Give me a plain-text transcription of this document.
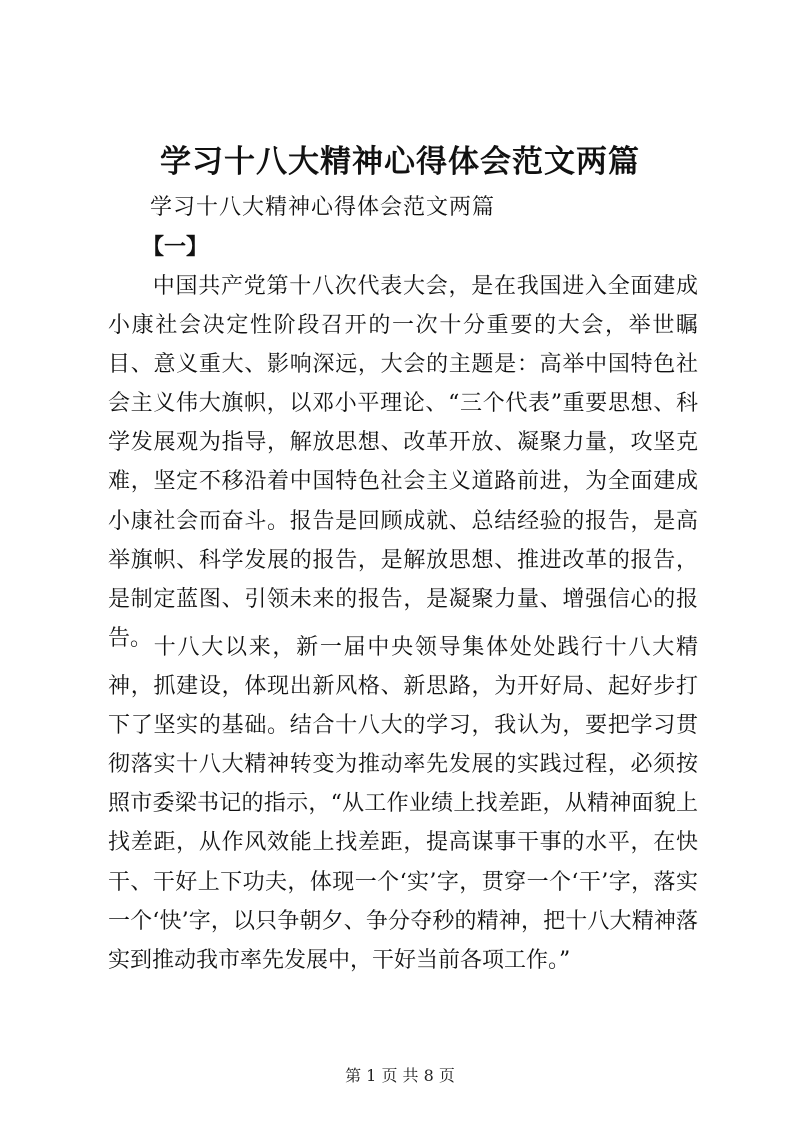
学习十八大精神心得体会范文两篇

学习十八大精神心得体会范文两篇

【一】

中国共产党第十八次代表大会，是在我国进入全面建成小康社会决定性阶段召开的一次十分重要的大会，举世瞩目、意义重大、影响深远，大会的主题是：高举中国特色社会主义伟大旗帜，以邓小平理论、“三个代表”重要思想、科学发展观为指导，解放思想、改革开放、凝聚力量，攻坚克难，坚定不移沿着中国特色社会主义道路前进，为全面建成小康社会而奋斗。报告是回顾成就、总结经验的报告，是高举旗帜、科学发展的报告，是解放思想、推进改革的报告，是制定蓝图、引领未来的报告，是凝聚力量、增强信心的报告。 十八大以来，新一届中央领导集体处处践行十八大精神，抓建设，体现出新风格、新思路，为开好局、起好步打下了坚实的基础。结合十八大的学习，我认为，要把学习贯彻落实十八大精神转变为推动率先发展的实践过程，必须按照市委梁书记的指示，“从工作业绩上找差距，从精神面貌上找差距，从作风效能上找差距，提高谋事干事的水平，在快干、干好上下功夫，体现一个‘实’字，贯穿一个‘干’字，落实一个‘快’字，以只争朝夕、争分夺秒的精神，把十八大精神落实到推动我市率先发展中，干好当前各项工作。”

第 1 页 共 8 页
